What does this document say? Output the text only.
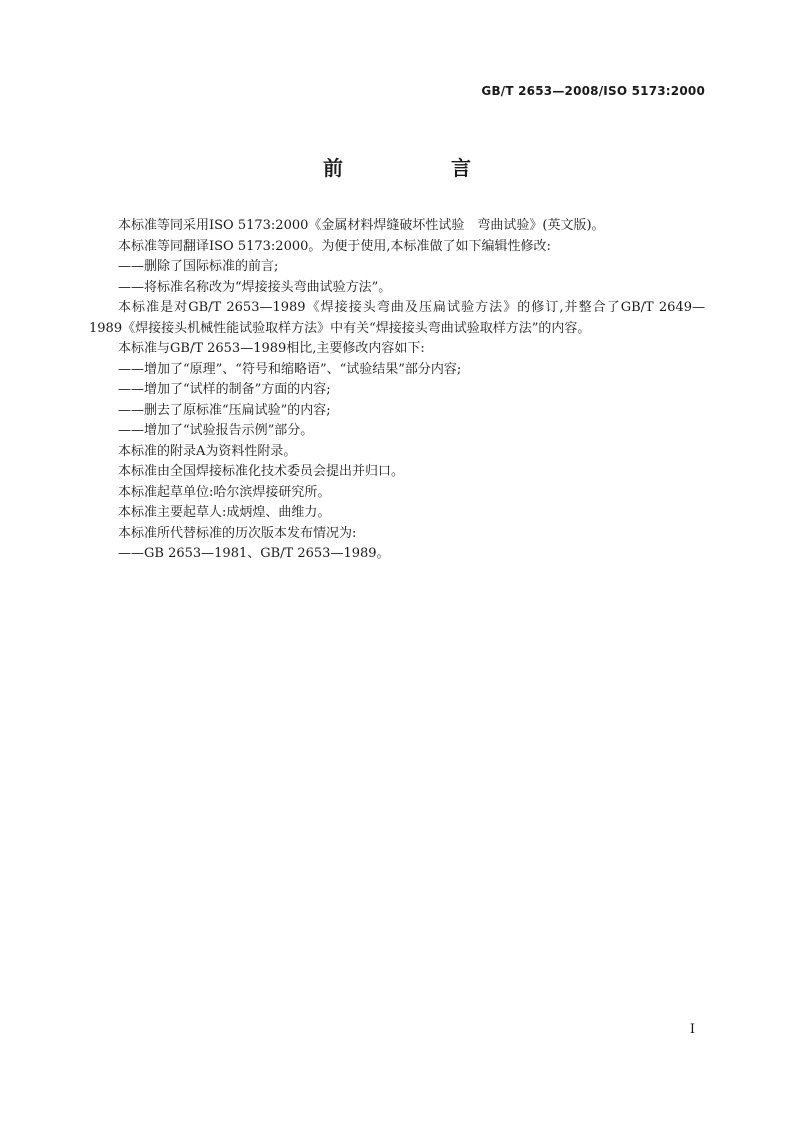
GB/T 2653—2008/ISO 5173:2000
前　言

本标准等同采用ISO 5173:2000《金属材料焊缝破坏性试验　弯曲试验》(英文版)。

本标准等同翻译ISO 5173:2000。为便于使用,本标准做了如下编辑性修改:

——删除了国际标准的前言;

——将标准名称改为“焊接接头弯曲试验方法”。

本标准是对GB/T 2653—1989《焊接接头弯曲及压扁试验方法》的修订,并整合了GB/T 2649—1989《焊接接头机械性能试验取样方法》中有关“焊接接头弯曲试验取样方法”的内容。

本标准与GB/T 2653—1989相比,主要修改内容如下:

——增加了“原理”、“符号和缩略语”、“试验结果”部分内容;

——增加了“试样的制备”方面的内容;

——删去了原标准“压扁试验”的内容;

——增加了“试验报告示例”部分。

本标准的附录A为资料性附录。

本标准由全国焊接标准化技术委员会提出并归口。

本标准起草单位:哈尔滨焊接研究所。

本标准主要起草人:成炳煌、曲维力。

本标准所代替标准的历次版本发布情况为:

——GB 2653—1981、GB/T 2653—1989。

I
